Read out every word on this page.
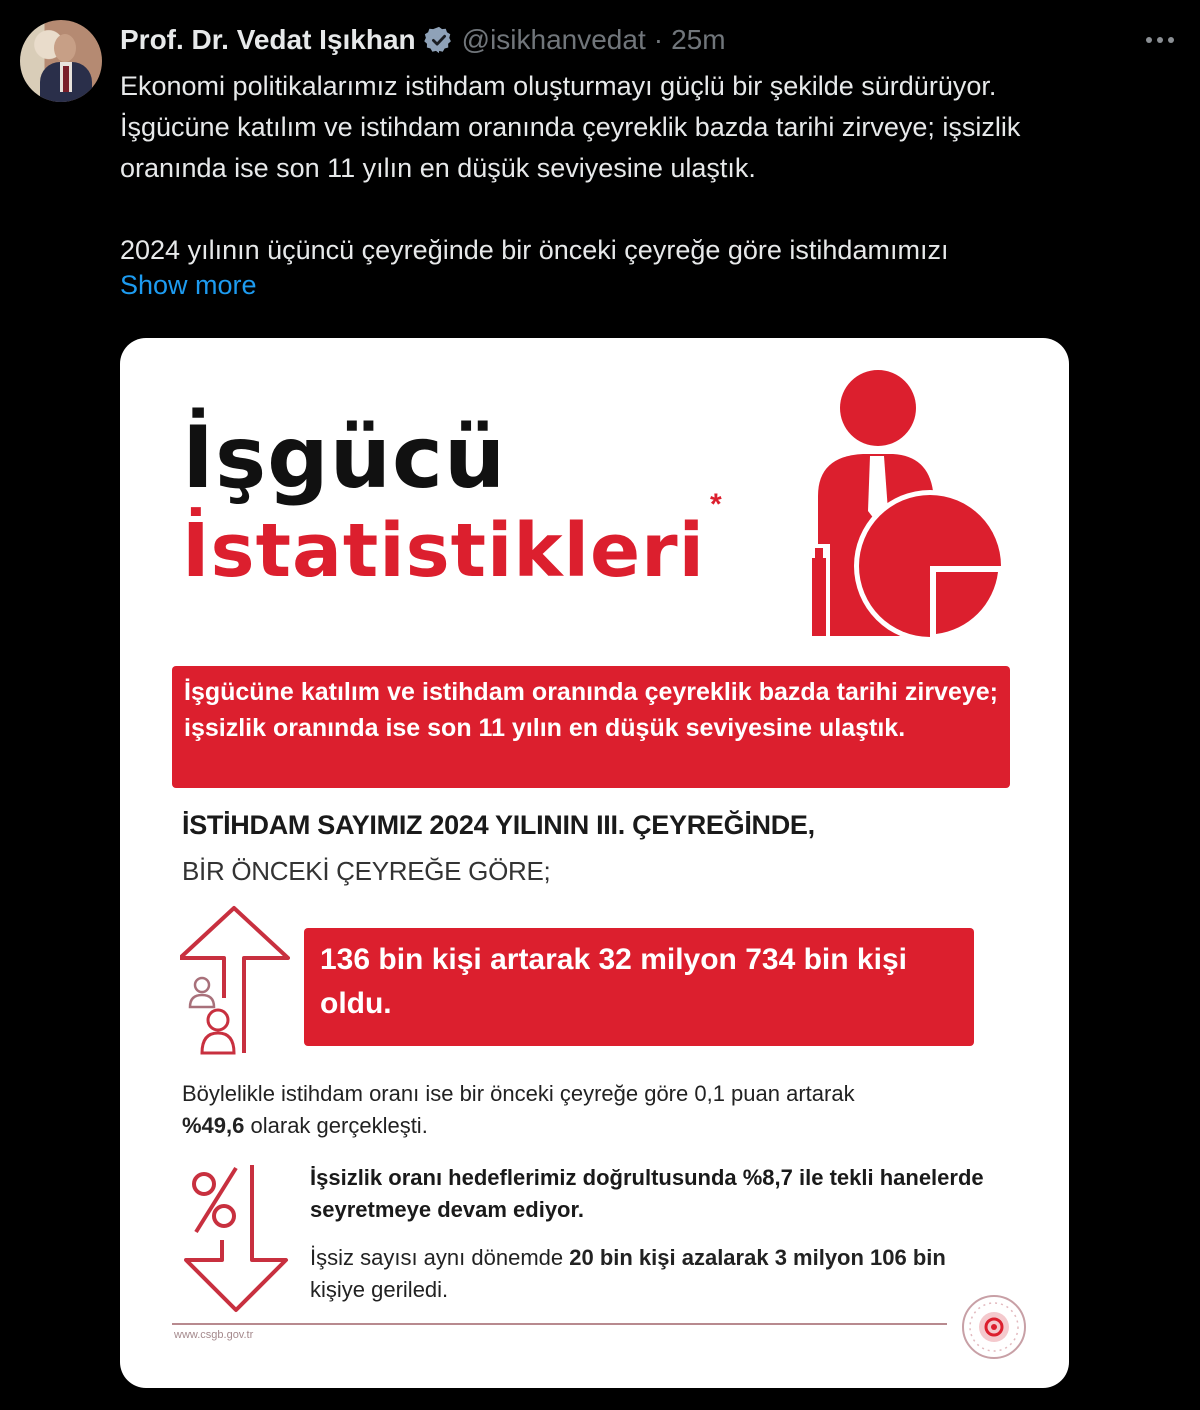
Prof. Dr. Vedat Işıkhan @isikhanvedat · 25m

Ekonomi politikalarımız istihdam oluşturmayı güçlü bir şekilde sürdürüyor.

İşgücüne katılım ve istihdam oranında çeyreklik bazda tarihi zirveye; işsizlik

oranında ise son 11 yılın en düşük seviyesine ulaştık.

2024 yılının üçüncü çeyreğinde bir önceki çeyreğe göre istihdamımızı

Show more
İşgücü
İstatistikleri
*
İşgücüne katılım ve istihdam oranında çeyreklik bazda tarihi zirveye; işsizlik oranında ise son 11 yılın en düşük seviyesine ulaştık.
İSTİHDAM SAYIMIZ 2024 YILININ III. ÇEYREĞİNDE,
BİR ÖNCEKİ ÇEYREĞE GÖRE;
136 bin kişi artarak 32 milyon 734 bin kişi oldu.
Böylelikle istihdam oranı ise bir önceki çeyreğe göre 0,1 puan artarak
%49,6 olarak gerçekleşti.
İşsizlik oranı hedeflerimiz doğrultusunda %8,7 ile tekli hanelerde seyretmeye devam ediyor.
İşsiz sayısı aynı dönemde 20 bin kişi azalarak 3 milyon 106 bin kişiye geriledi.
www.csgb.gov.tr
